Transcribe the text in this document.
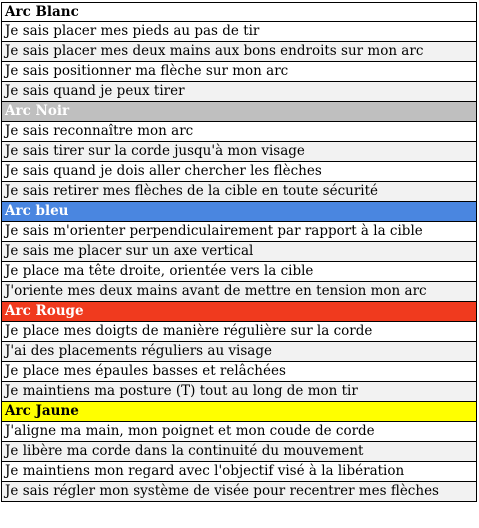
Arc Blanc
Je sais placer mes pieds au pas de tir
Je sais placer mes deux mains aux bons endroits sur mon arc
Je sais positionner ma flèche sur mon arc
Je sais quand je peux tirer
Arc Noir
Je sais reconnaître mon arc
Je sais tirer sur la corde jusqu'à mon visage
Je sais quand je dois aller chercher les flèches
Je sais retirer mes flèches de la cible en toute sécurité
Arc bleu
Je sais m'orienter perpendiculairement par rapport à la cible
Je sais me placer sur un axe vertical
Je place ma tête droite, orientée vers la cible
J'oriente mes deux mains avant de mettre en tension mon arc
Arc Rouge
Je place mes doigts de manière régulière sur la corde
J'ai des placements réguliers au visage
Je place mes épaules basses et relâchées
Je maintiens ma posture (T) tout au long de mon tir
Arc Jaune
J'aligne ma main, mon poignet et mon coude de corde
Je libère ma corde dans la continuité du mouvement
Je maintiens mon regard avec l'objectif visé à la libération
Je sais régler mon système de visée pour recentrer mes flèches
